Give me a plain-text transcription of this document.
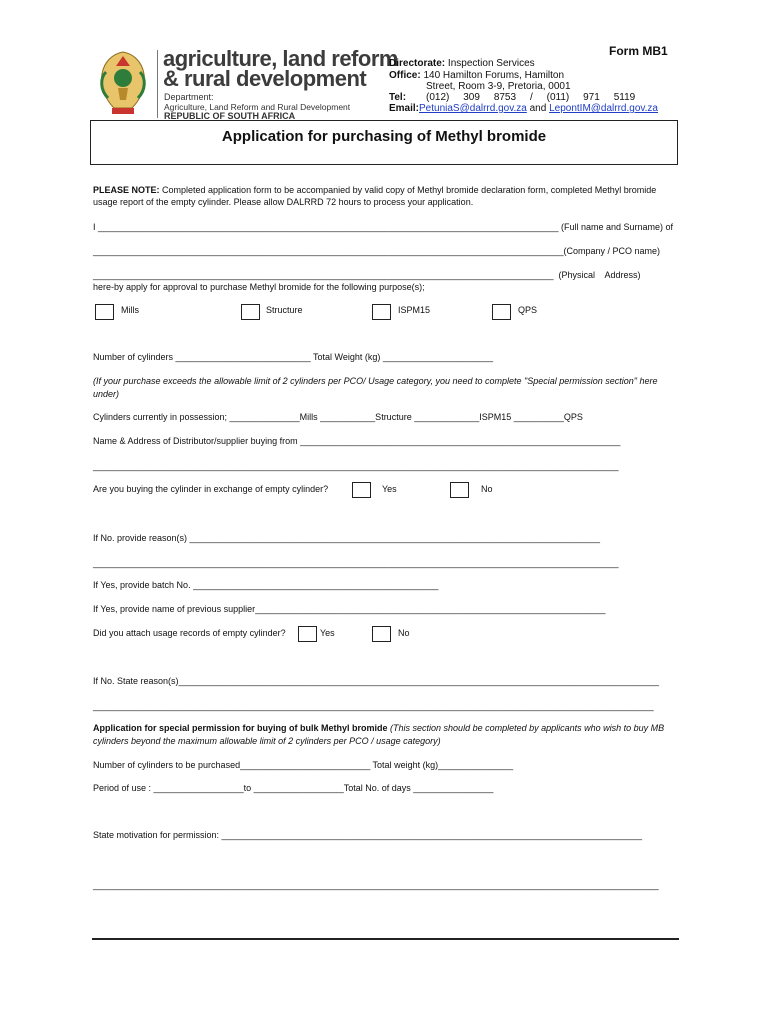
agriculture, land reform
& rural development
Department:
Agriculture, Land Reform and Rural Development
REPUBLIC OF SOUTH AFRICA
Form MB1
Directorate: Inspection Services
Office: 140 Hamilton Forums, Hamilton
Street, Room 3-9, Pretoria, 0001
Tel: (012)     309     8753     /     (011)     971     5119
Email:PetuniaS@dalrrd.gov.za and LepontIM@dalrrd.gov.za
Application for purchasing of Methyl bromide
PLEASE NOTE: Completed application form to be accompanied by valid copy of Methyl bromide declaration form, completed Methyl bromide
usage report of the empty cylinder. Please allow DALRRD 72 hours to process your application.
I ____________________________________________________________________________________________ (Full name and Surname) of
______________________________________________________________________________________________(Company / PCO name)
____________________________________________________________________________________________  (Physical    Address)
here-by apply for approval to purchase Methyl bromide for the following purpose(s);
Mills	Structure	ISPM15	QPS
Number of cylinders ___________________________ Total Weight (kg) ______________________
(If your purchase exceeds the allowable limit of 2 cylinders per PCO/ Usage category, you need to complete "Special permission section" here
under)
Cylinders currently in possession; ______________Mills ___________Structure _____________ISPM15 __________QPS
Name & Address of Distributor/supplier buying from ________________________________________________________________
_________________________________________________________________________________________________________
Are you buying the cylinder in exchange of empty cylinder?	Yes	No
If No. provide reason(s) __________________________________________________________________________________
_________________________________________________________________________________________________________
If Yes, provide batch No. _________________________________________________
If Yes, provide name of previous supplier______________________________________________________________________
Did you attach usage records of empty cylinder?	Yes	No
If No. State reason(s)________________________________________________________________________________________________
________________________________________________________________________________________________________________
Application for special permission for buying of bulk Methyl bromide (This section should be completed by applicants who wish to buy MB
cylinders beyond the maximum allowable limit of 2 cylinders per PCO / usage category)
Number of cylinders to be purchased__________________________ Total weight (kg)_______________
Period of use : __________________to __________________Total No. of days ________________
State motivation for permission: ____________________________________________________________________________________
_________________________________________________________________________________________________________________
